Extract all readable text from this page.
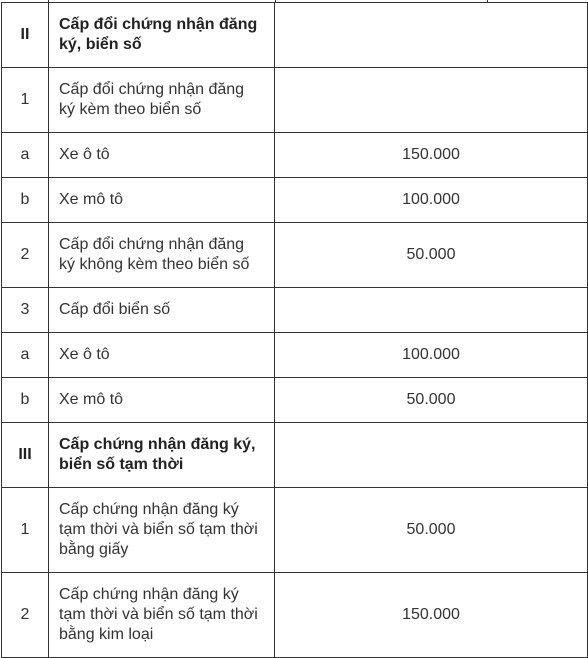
II	Cấp đổi chứng nhận đăng ký, biển số	
1	Cấp đổi chứng nhận đăng ký kèm theo biển số	
a	Xe ô tô	150.000
b	Xe mô tô	100.000
2	Cấp đổi chứng nhận đăng ký không kèm theo biển số	50.000
3	Cấp đổi biển số	
a	Xe ô tô	100.000
b	Xe mô tô	50.000
III	Cấp chứng nhận đăng ký, biển số tạm thời	
1	Cấp chứng nhận đăng ký tạm thời và biển số tạm thời bằng giấy	50.000
2	Cấp chứng nhận đăng ký tạm thời và biển số tạm thời bằng kim loại	150.000
